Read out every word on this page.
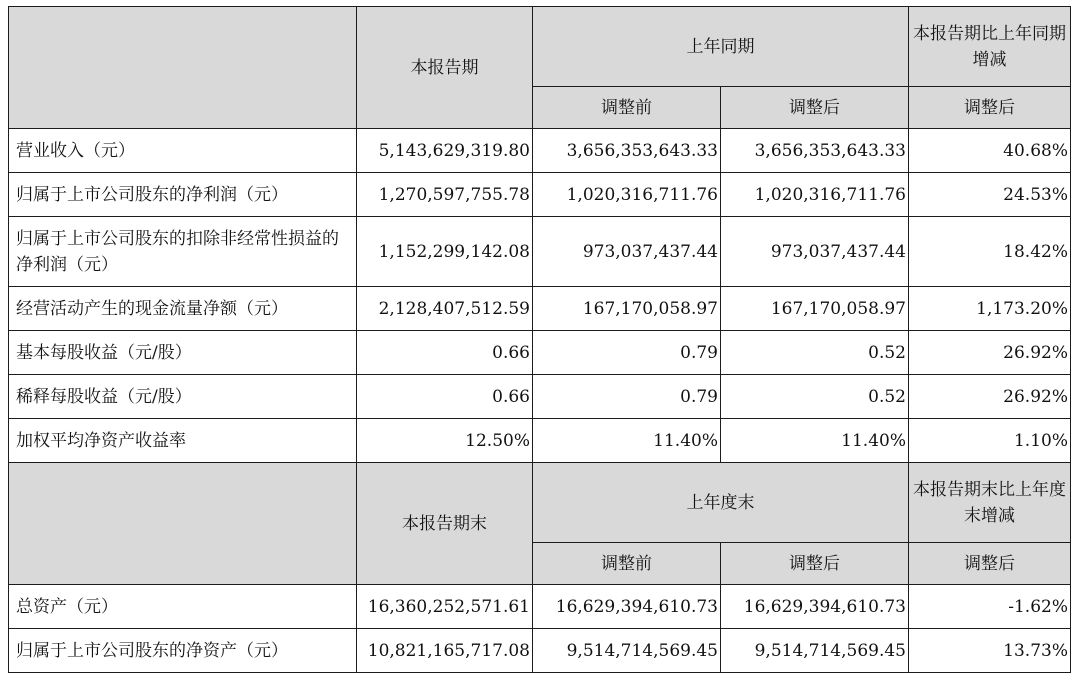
	本报告期	上年同期		本报告期比上年同期增减
		调整前	调整后	调整后
营业收入（元）	5,143,629,319.80	3,656,353,643.33	3,656,353,643.33	40.68%
归属于上市公司股东的净利润（元）	1,270,597,755.78	1,020,316,711.76	1,020,316,711.76	24.53%
归属于上市公司股东的扣除非经常性损益的净利润（元）	1,152,299,142.08	973,037,437.44	973,037,437.44	18.42%
经营活动产生的现金流量净额（元）	2,128,407,512.59	167,170,058.97	167,170,058.97	1,173.20%
基本每股收益（元/股）	0.66	0.79	0.52	26.92%
稀释每股收益（元/股）	0.66	0.79	0.52	26.92%
加权平均净资产收益率	12.50%	11.40%	11.40%	1.10%
	本报告期末	上年度末		本报告期末比上年度末增减
		调整前	调整后	调整后
总资产（元）	16,360,252,571.61	16,629,394,610.73	16,629,394,610.73	-1.62%
归属于上市公司股东的净资产（元）	10,821,165,717.08	9,514,714,569.45	9,514,714,569.45	13.73%
